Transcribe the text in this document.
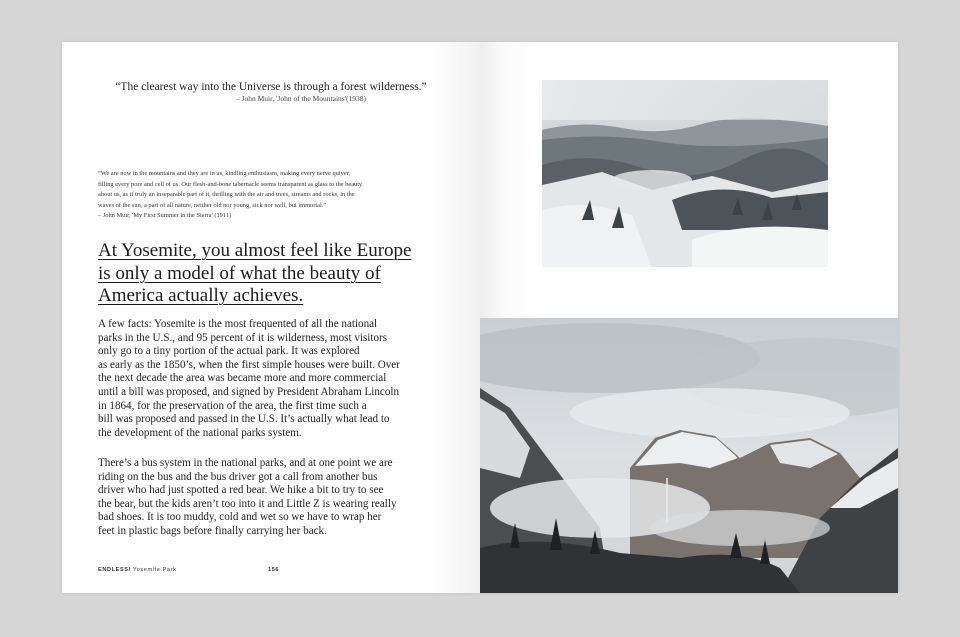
“The clearest way into the Universe is through a forest wilderness.”
– John Muir, 'John of the Mountains'(1938)
“We are now in the mountains and they are in us, kindling enthusiasm, making every nerve quiver,
filling every pore and cell of us. Our flesh-and-bone tabernacle seems transparent as glass to the beauty
about us, as if truly an inseparable part of it, thrilling with the air and trees, streams and rocks, in the
waves of the sun, a part of all nature, neither old nor young, sick nor well, but immortal.”
– John Muir, 'My First Summer in the Sierra' (1911)
At Yosemite, you almost feel like Europe
is only a model of what the beauty of
America actually achieves.
A few facts: Yosemite is the most frequented of all the national
parks in the U.S., and 95 percent of it is wilderness, most visitors
only go to a tiny portion of the actual park. It was explored
as early as the 1850’s, when the first simple houses were built. Over
the next decade the area was became more and more commercial
until a bill was proposed, and signed by President Abraham Lincoln
in 1864, for the preservation of the area, the first time such a
bill was proposed and passed in the U.S. It’s actually what lead to
the development of the national parks system.
There’s a bus system in the national parks, and at one point we are
riding on the bus and the bus driver got a call from another bus
driver who had just spotted a red bear. We hike a bit to try to see
the bear, but the kids aren’t too into it and Little Z is wearing really
bad shoes. It is too muddy, cold and wet so we have to wrap her
feet in plastic bags before finally carrying her back.
ENDLESS/ Yosemite Park	156
